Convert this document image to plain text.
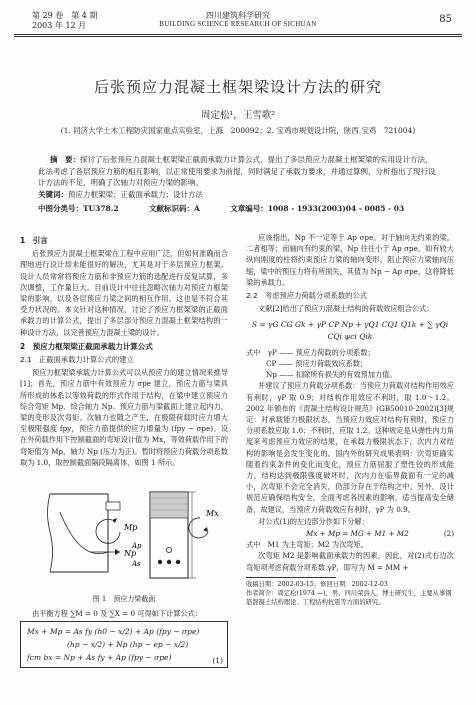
第 29 卷　第 4 期
2003 年 12 月
四川建筑科学研究
BUILDING SCIENCE RESEARCH OF SICHUAN	85
后张预应力混凝土框架梁设计方法的研究
周定松¹，王雪歌²
(1. 同济大学土木工程防灾国家重点实验室，上海　200092；2. 宝鸡市规划设计院，陕西 宝鸡　721004)
摘　要：探讨了后张预应力混凝土框架梁正截面承载力计算公式，提出了多层预应力混凝土框架梁的实用设计方法，此法考虑了各层预应力筋的相互影响，以正常使用要求为前提，同时满足了承载力要求，并通过算例，分析指出了现行设计方法的不足，明确了次轴力对预应力梁的影响。
关键词：预应力框架梁；正截面承载力；设计方法
中图分类号：TU378.2	文献标识码：A	文章编号：1008 - 1933(2003)04 - 0085 - 03
1　引言

后张预应力混凝土框架梁在工程中应用广泛，但如何准确而合理地进行设计却未能很好的解决，尤其是对于多层预应力框架，设计人员常常将预应力筋和非预应力筋的选配进行反复试算，多次调整，工作量巨大。目前设计中往往忽略次轴力对预应力框架梁的影响，以及各层预应力梁之间的相互作用，这也是不符合其受力状况的。本文针对这种情况，讨论了预应力框架梁的正截面承载力的计算公式，提出了多层部分预应力混凝土框架结构的一种设计方法，以完善预应力混凝土梁的设计。

2　预应力框架梁正截面承载力计算公式
2.1　正截面承载力计算公式的建立

预应力框架梁承载力计算公式可以从预应力的建立情况来推导[1]；首先，预应力筋中有效预应力 σpe 建立，预应力筋与梁具所形成的体系以等效荷载的形式作用于结构，在梁中建立预应力综合弯矩 Mp、综合轴力 Np。预应力筋与梁截面上建立起内力，梁的变形及次弯矩、次轴力也随之产生，在极限荷载时应力增大至极限强度 fpy，预应力筋提供的应力增量为 (fpy − σpe)。设在外荷载作用下控制截面的弯矩设计值为 Mx，等效荷载作用下的弯矩值为 Mp、轴力 Np (压力为正)。暂时将预应力荷载分项系数取为 1.0，取控制截面隔段隔离体，如图 1 所示。

Mp
Np
Mx
Ap
As
图 1　预应力梁截面

由平衡方程 ∑M = 0 及 ∑X = 0 可得如下计算公式：

Mx + Mp = As fy (h0 − x/2) + Ap (fpy − σpe)
(hp − x/2) + Np (hp − ep − x/2)
fcm bx = Np + As fy + Ap (fpy − σpe)	(1)

应该指出，Np 不一定等于 Ap σpe。对于轴向无约束的梁，二者相等；而轴向有约束的梁，Np 往往小于 Ap σpe。如有较大纵向刚度的柱将约束预应力梁的轴向变形，阻止预应力梁轴向压缩，梁中的预压力将有所损失，其值为 Np − Ap σpe，这将降低梁的承载力。

2.2　考虑预应力荷载分项系数的公式

文献[2]给出了预应力混凝土结构的荷载效应组合公式：

S = γG CG Gk + γP CP Np + γQ1 CQ1 Q1k + ∑ γQi CQi ψci Qik
式中　γP —— 预应力荷载的分项系数；
CP —— 预应力荷载效应系数；
Np —— 扣除所有损失的有效预加力值。

并建议了预应力荷载分项系数：当预应力荷载对结构作用效应有利时，γP 取 0.9；对结构作用效应不利时，取 1.0～1.2。2002 年颁布的《混凝土结构设计规范》(GB50010-2002)[3]规定：对承载能力极限状态，当预应力效应对结构有利时，预应力分项系数应取 1.0；不利时，应取 1.2。这种规定是从弹性内力角度来考虑预应力效应的结果，在承载力极限状态下，次内力对结构的影响是会发生变化的。国内外的研究成果表明：次弯矩确实随着约束条件的变化而变化，预应力筋屈服了塑性铰的形成能力，结构达到极限强度破坏时，次内力在临界截面有一定的减小，次弯矩不会完全消失，仍部分存在于结构之中。另外，设计规范应确保结构安全，全面考虑各因素的影响，适当提高安全储备，故建议，当预应力荷载效应有利时，γP 为 0.9。

对公式(1)的左边部分作如下分解：

Mx + Mp = MG + M1 + M2	(2)
式中　M1 为主弯矩；M2 为次弯矩。

次弯矩 M2 是影响截面承载力的因素，因此，对(2)式右边次弯矩项考虑荷载分项系数 γP，即写为 M = MM +

收稿日期：2002-03-15；修回日期：2002-12-03
作者简介：周定松(1974 —)，男，四川荣县人，博士研究生，主要从事钢筋混凝土结构理论、工程结构抗震等方面的研究。
